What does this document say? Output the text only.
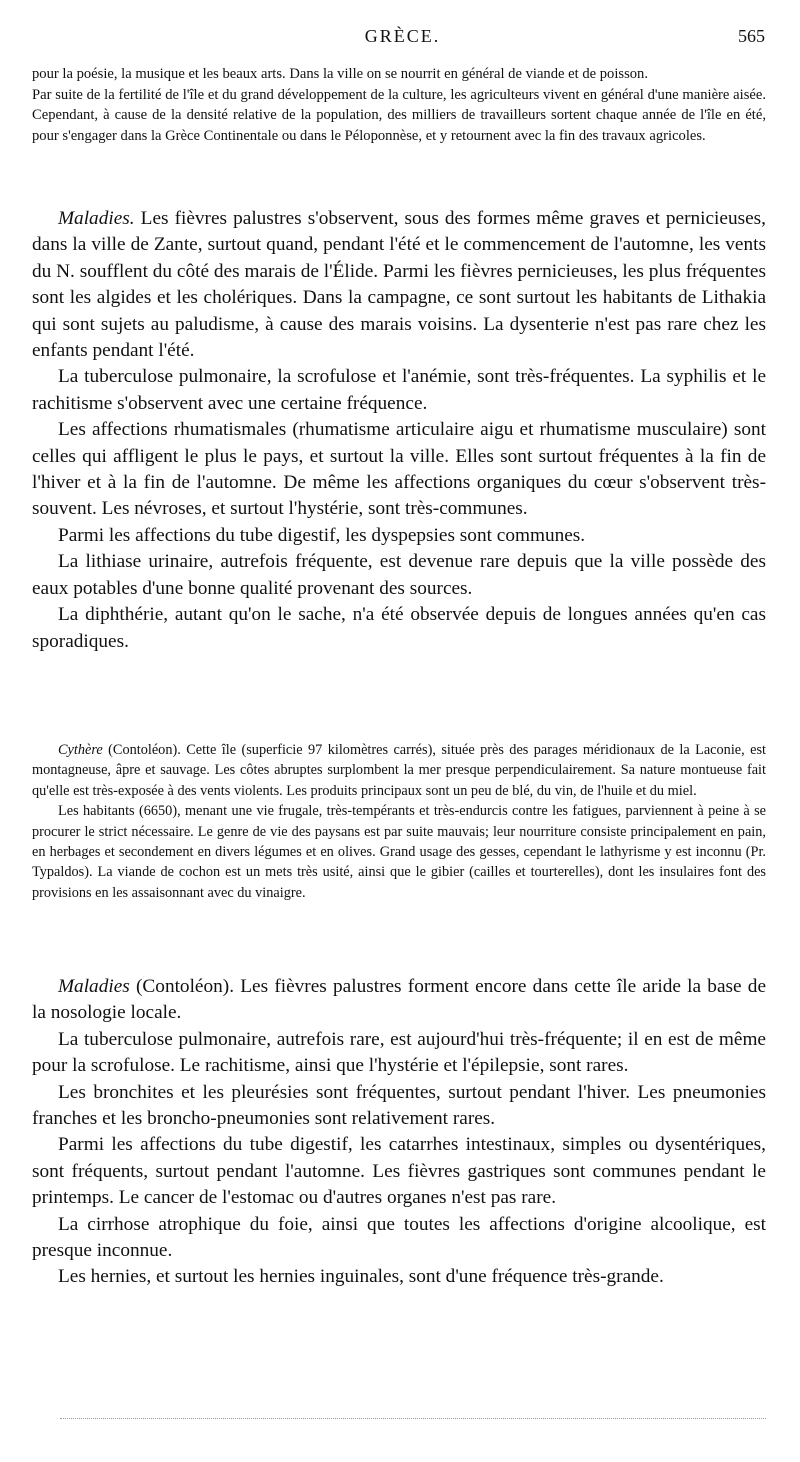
GRÈCE.	565

pour la poésie, la musique et les beaux arts. Dans la ville on se nourrit en général de viande et de poisson.

Par suite de la fertilité de l'île et du grand développement de la culture, les agriculteurs vivent en général d'une manière aisée. Cependant, à cause de la densité relative de la population, des milliers de travailleurs sortent chaque année de l'île en été, pour s'engager dans la Grèce Continentale ou dans le Péloponnèse, et y retournent avec la fin des travaux agricoles.

Maladies. Les fièvres palustres s'observent, sous des formes même graves et pernicieuses, dans la ville de Zante, surtout quand, pendant l'été et le commencement de l'automne, les vents du N. soufflent du côté des marais de l'Élide. Parmi les fièvres pernicieuses, les plus fréquentes sont les algides et les cholériques. Dans la campagne, ce sont surtout les habitants de Lithakia qui sont sujets au paludisme, à cause des marais voisins. La dysenterie n'est pas rare chez les enfants pendant l'été.

La tuberculose pulmonaire, la scrofulose et l'anémie, sont très-fréquentes. La syphilis et le rachitisme s'observent avec une certaine fréquence.

Les affections rhumatismales (rhumatisme articulaire aigu et rhumatisme musculaire) sont celles qui affligent le plus le pays, et surtout la ville. Elles sont surtout fréquentes à la fin de l'hiver et à la fin de l'automne. De même les affections organiques du cœur s'observent très-souvent. Les névroses, et surtout l'hystérie, sont très-communes.

Parmi les affections du tube digestif, les dyspepsies sont communes.

La lithiase urinaire, autrefois fréquente, est devenue rare depuis que la ville possède des eaux potables d'une bonne qualité provenant des sources.

La diphthérie, autant qu'on le sache, n'a été observée depuis de longues années qu'en cas sporadiques.

Cythère (Contoléon). Cette île (superficie 97 kilomètres carrés), située près des parages méridionaux de la Laconie, est montagneuse, âpre et sauvage. Les côtes abruptes surplombent la mer presque perpendiculairement. Sa nature montueuse fait qu'elle est très-exposée à des vents violents. Les produits principaux sont un peu de blé, du vin, de l'huile et du miel.

Les habitants (6650), menant une vie frugale, très-tempérants et très-endurcis contre les fatigues, parviennent à peine à se procurer le strict nécessaire. Le genre de vie des paysans est par suite mauvais; leur nourriture consiste principalement en pain, en herbages et secondement en divers légumes et en olives. Grand usage des gesses, cependant le lathyrisme y est inconnu (Pr. Typaldos). La viande de cochon est un mets très usité, ainsi que le gibier (cailles et tourterelles), dont les insulaires font des provisions en les assaisonnant avec du vinaigre.

Maladies (Contoléon). Les fièvres palustres forment encore dans cette île aride la base de la nosologie locale.

La tuberculose pulmonaire, autrefois rare, est aujourd'hui très-fréquente; il en est de même pour la scrofulose. Le rachitisme, ainsi que l'hystérie et l'épilepsie, sont rares.

Les bronchites et les pleurésies sont fréquentes, surtout pendant l'hiver. Les pneumonies franches et les broncho-pneumonies sont relativement rares.

Parmi les affections du tube digestif, les catarrhes intestinaux, simples ou dysentériques, sont fréquents, surtout pendant l'automne. Les fièvres gastriques sont communes pendant le printemps. Le cancer de l'estomac ou d'autres organes n'est pas rare.

La cirrhose atrophique du foie, ainsi que toutes les affections d'origine alcoolique, est presque inconnue.

Les hernies, et surtout les hernies inguinales, sont d'une fréquence très-grande.
